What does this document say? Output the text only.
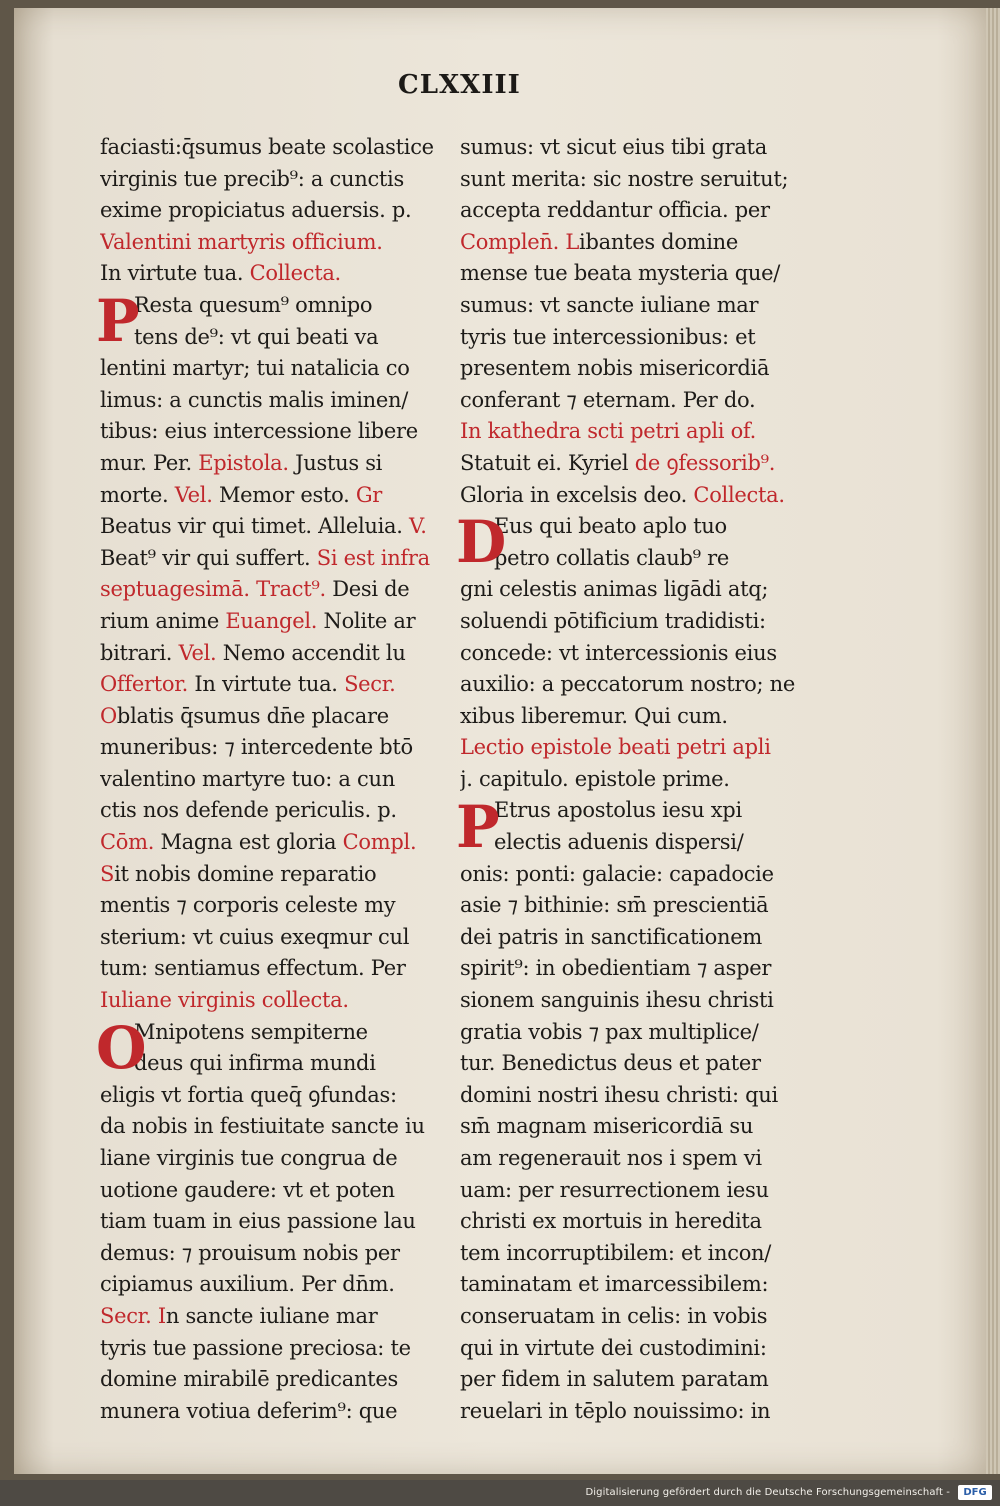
CLXXIII
faciasti:q̄sumus beate scolastice
virginis tue precib⁹: a cunctis
exime propiciatus aduersis. p.
Valentini martyris officium.
In virtute tua. Collecta.
Resta quesum⁹ omnipo
tens de⁹: vt qui beati va
lentini martyr; tui natalicia co
limus: a cunctis malis iminen/
tibus: eius intercessione libere
mur. Per. Epistola. Justus si
morte. Vel. Memor esto. Gr
Beatus vir qui timet. Alleluia. V.
Beat⁹ vir qui suffert. Si est infra
septuagesimā. Tract⁹. Desi de
rium anime Euangel. Nolite ar
bitrari. Vel. Nemo accendit lu
Offertor. In virtute tua. Secr.
Oblatis q̄sumus dn̄e placare
muneribus: ⁊ intercedente btō
valentino martyre tuo: a cun
ctis nos defende periculis. p.
Cōm. Magna est gloria Compl.
Sit nobis domine reparatio
mentis ⁊ corporis celeste my
sterium: vt cuius exeqmur cul
tum: sentiamus effectum. Per
Iuliane virginis collecta.
Mnipotens sempiterne
deus qui infirma mundi
eligis vt fortia queq̄ ꝯfundas:
da nobis in festiuitate sancte iu
liane virginis tue congrua de
uotione gaudere: vt et poten
tiam tuam in eius passione lau
demus: ⁊ prouisum nobis per
cipiamus auxilium. Per dn̄m.
Secr. In sancte iuliane mar
tyris tue passione preciosa: te
domine mirabilē predicantes
munera votiua deferim⁹: que
P
O
sumus: vt sicut eius tibi grata
sunt merita: sic nostre seruitut;
accepta reddantur officia. per
Complen̄. Libantes domine
mense tue beata mysteria que/
sumus: vt sancte iuliane mar
tyris tue intercessionibus: et
presentem nobis misericordiā
conferant ⁊ eternam. Per do.
In kathedra scti petri apli of.
Statuit ei. Kyriel de ꝯfessorib⁹.
Gloria in excelsis deo. Collecta.
Eus qui beato aplo tuo
petro collatis claub⁹ re
gni celestis animas ligādi atq;
soluendi pōtificium tradidisti:
concede: vt intercessionis eius
auxilio: a peccatorum nostro; ne
xibus liberemur. Qui cum.
Lectio epistole beati petri apli
j. capitulo. epistole prime.
Etrus apostolus iesu xpi
electis aduenis dispersi/
onis: ponti: galacie: capadocie
asie ⁊ bithinie: sm̄ prescientiā
dei patris in sanctificationem
spirit⁹: in obedientiam ⁊ asper
sionem sanguinis ihesu christi
gratia vobis ⁊ pax multiplice/
tur. Benedictus deus et pater
domini nostri ihesu christi: qui
sm̄ magnam misericordiā su
am regenerauit nos i spem vi
uam: per resurrectionem iesu
christi ex mortuis in heredita
tem incorruptibilem: et incon/
taminatam et imarcessibilem:
conseruatam in celis: in vobis
qui in virtute dei custodimini:
per fidem in salutem paratam
reuelari in tēplo nouissimo: in
D
P
Digitalisierung gefördert durch die Deutsche Forschungsgemeinschaft -	DFG
